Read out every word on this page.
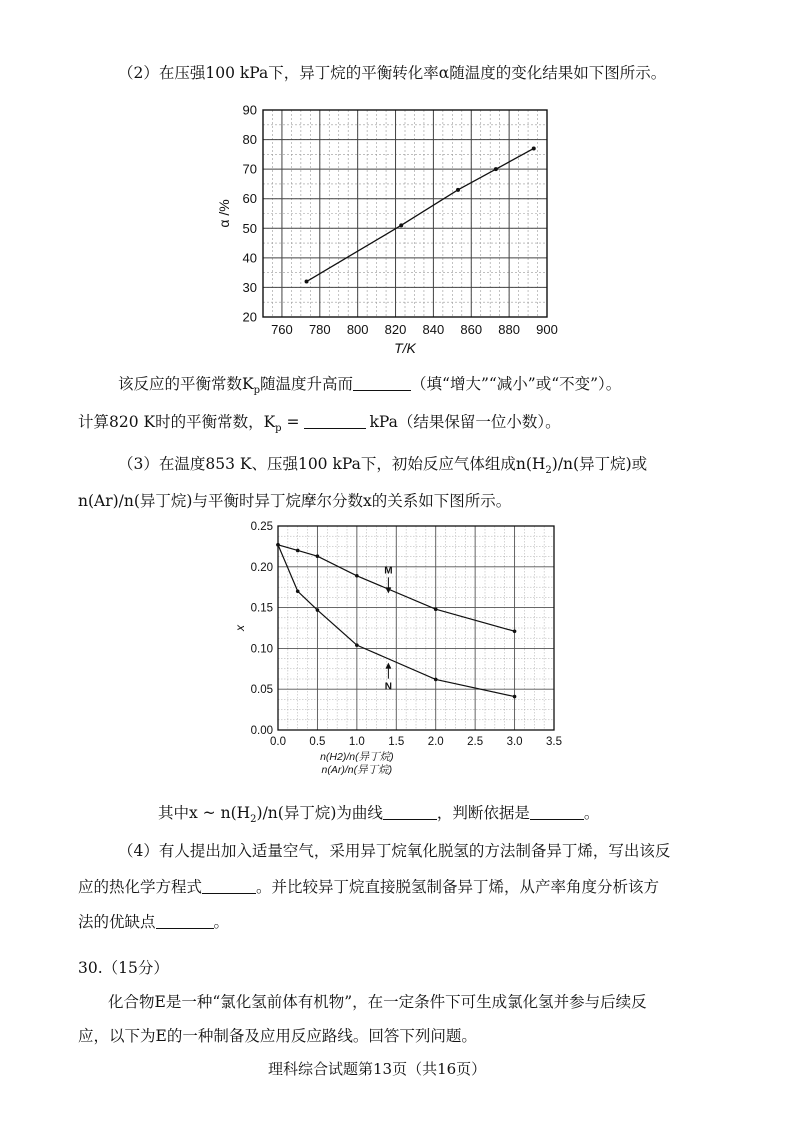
（2）在压强100 kPa下，异丁烷的平衡转化率α随温度的变化结果如下图所示。
760 780 800 820 840 860 880 900
20
30
40
50
60
70
80
90
T/K
α /%
该反应的平衡常数$K_p$随温度升高而	（填“增大”“减小”或“不变”）。
计算820 K时的平衡常数，$K_p$ =	kPa（结果保留一位小数）。
（3）在温度853 K、压强100 kPa下，初始反应气体组成$n(H_2)/n$(异丁烷)或
n(Ar)/n(异丁烷)与平衡时异丁烷摩尔分数x的关系如下图所示。
0.0 0.5 1.0 1.5 2.0 2.5 3.0 3.5
0.00
0.05
0.10
0.15
0.20
0.25
n(H2)/n(异丁烷)
n(Ar)/n(异丁烷)
x
M
N
其中x ~ $n(H_2)/n$(异丁烷)为曲线	，判断依据是	。
（4）有人提出加入适量空气，采用异丁烷氧化脱氢的方法制备异丁烯，写出该反
应的热化学方程式	。并比较异丁烷直接脱氢制备异丁烯，从产率角度分析该方
法的优缺点	。
30.（15分）
化合物E是一种“氯化氢前体有机物”，在一定条件下可生成氯化氢并参与后续反
应，以下为E的一种制备及应用反应路线。回答下列问题。
理科综合试题第13页（共16页）
